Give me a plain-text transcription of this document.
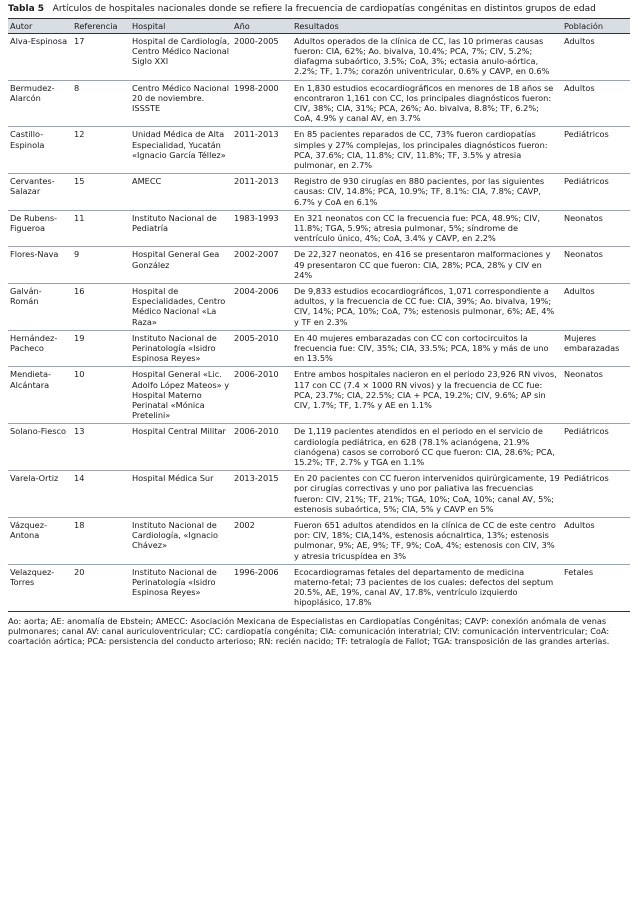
Tabla 5 Artículos de hospitales nacionales donde se refiere la frecuencia de cardiopatías congénitas en distintos grupos de edad

Autor	Referencia	Hospital	Año	Resultados	Población
Alva-Espinosa	17	Hospital de Cardiología, Centro Médico Nacional Siglo XXI	2000-2005	Adultos operados de la clínica de CC, las 10 primeras causas fueron: CIA, 62%; Ao. bivalva, 10.4%; PCA, 7%; CIV, 5.2%; diafagma subaórtico, 3.5%; CoA, 3%; ectasia anulo-aórtica, 2.2%; TF, 1.7%; corazón univentricular, 0.6% y CAVP, en 0.6%	Adultos
Bermudez-Alarcón	8	Centro Médico Nacional 20 de noviembre. ISSSTE	1998-2000	En 1,830 estudios ecocardiográficos en menores de 18 años se encontraron 1,161 con CC, los principales diagnósticos fueron: CIV, 38%; CIA, 31%; PCA, 26%; Ao. bivalva, 8.8%; TF, 6.2%; CoA, 4.9% y canal AV, en 3.7%	Adultos
Castillo-Espinola	12	Unidad Médica de Alta Especialidad, Yucatán «Ignacio García Téllez»	2011-2013	En 85 pacientes reparados de CC, 73% fueron cardiopatías simples y 27% complejas, los principales diagnósticos fueron: PCA, 37.6%; CIA, 11.8%; CIV, 11.8%; TF, 3.5% y atresia pulmonar, en 2.7%	Pediátricos
Cervantes-Salazar	15	AMECC	2011-2013	Registro de 930 cirugías en 880 pacientes, por las siguientes causas: CIV, 14.8%; PCA, 10.9%; TF, 8.1%: CIA, 7.8%; CAVP, 6.7% y CoA en 6.1%	Pediátricos
De Rubens-Figueroa	11	Instituto Nacional de Pediatría	1983-1993	En 321 neonatos con CC la frecuencia fue: PCA, 48.9%; CIV, 11.8%; TGA, 5.9%; atresia pulmonar, 5%; síndrome de ventrículo único, 4%; CoA, 3.4% y CAVP, en 2.2%	Neonatos
Flores-Nava	9	Hospital General Gea González	2002-2007	De 22,327 neonatos, en 416 se presentaron malformaciones y 49 presentaron CC que fueron: CIA, 28%; PCA, 28% y CIV en 24%	Neonatos
Galván-Román	16	Hospital de Especialidades, Centro Médico Nacional «La Raza»	2004-2006	De 9,833 estudios ecocardiográficos, 1,071 correspondiente a adultos, y la frecuencia de CC fue: CIA, 39%; Ao. bivalva, 19%; CIV, 14%; PCA, 10%; CoA, 7%; estenosis pulmonar, 6%; AE, 4% y TF en 2.3%	Adultos
Hernández-Pacheco	19	Instituto Nacional de Perinatología «Isidro Espinosa Reyes»	2005-2010	En 40 mujeres embarazadas con CC con cortocircuitos la frecuencia fue: CIV, 35%; CIA, 33.5%; PCA, 18% y más de uno en 13.5%	Mujeres embarazadas
Mendieta-Alcántara	10	Hospital General «Lic. Adolfo López Mateos» y Hospital Materno Perinatal «Mónica Pretelini»	2006-2010	Entre ambos hospitales nacieron en el periodo 23,926 RN vivos, 117 con CC (7.4 × 1000 RN vivos) y la frecuencia de CC fue: PCA, 23.7%; CIA, 22.5%; CIA + PCA, 19.2%; CIV, 9.6%; AP sin CIV, 1.7%; TF, 1.7% y AE en 1.1%	Neonatos
Solano-Fiesco	13	Hospital Central Militar	2006-2010	De 1,119 pacientes atendidos en el periodo en el servicio de cardiología pediátrica, en 628 (78.1% acianógena, 21.9% cianógena) casos se corroboró CC que fueron: CIA, 28.6%; PCA, 15.2%; TF, 2.7% y TGA en 1.1%	Pediátricos
Varela-Ortiz	14	Hospital Médica Sur	2013-2015	En 20 pacientes con CC fueron intervenidos quirúrgicamente, 19 por cirugías correctivas y uno por paliativa las frecuencias fueron: CIV, 21%; TF, 21%; TGA, 10%; CoA, 10%; canal AV, 5%; estenosis subaórtica, 5%; CIA, 5% y CAVP en 5%	Pediátricos
Vázquez-Antona	18	Instituto Nacional de Cardiología, «Ignacio Chávez»	2002	Fueron 651 adultos atendidos en la clínica de CC de este centro por: CIV, 18%; CIA,14%, estenosis aócnalrtica, 13%; estenosis pulmonar, 9%; AE, 9%; TF, 9%; CoA, 4%; estenosis con CIV, 3% y atresia tricuspídea en 3%	Adultos
Velazquez-Torres	20	Instituto Nacional de Perinatología «Isidro Espinosa Reyes»	1996-2006	Ecocardiogramas fetales del departamento de medicina materno-fetal; 73 pacientes de los cuales: defectos del septum 20.5%, AE, 19%, canal AV, 17.8%, ventrículo izquierdo hipoplásico, 17.8%	Fetales

Ao: aorta; AE: anomalía de Ebstein; AMECC: Asociación Mexicana de Especialistas en Cardiopatías Congénitas; CAVP: conexión anómala de venas pulmonares; canal AV: canal auriculoventricular; CC: cardiopatía congénita; CIA: comunicación interatrial; CIV: comunicación interventricular; CoA: coartación aórtica; PCA: persistencia del conducto arterioso; RN: recién nacido; TF: tetralogía de Fallot; TGA: transposición de las grandes arterias.
